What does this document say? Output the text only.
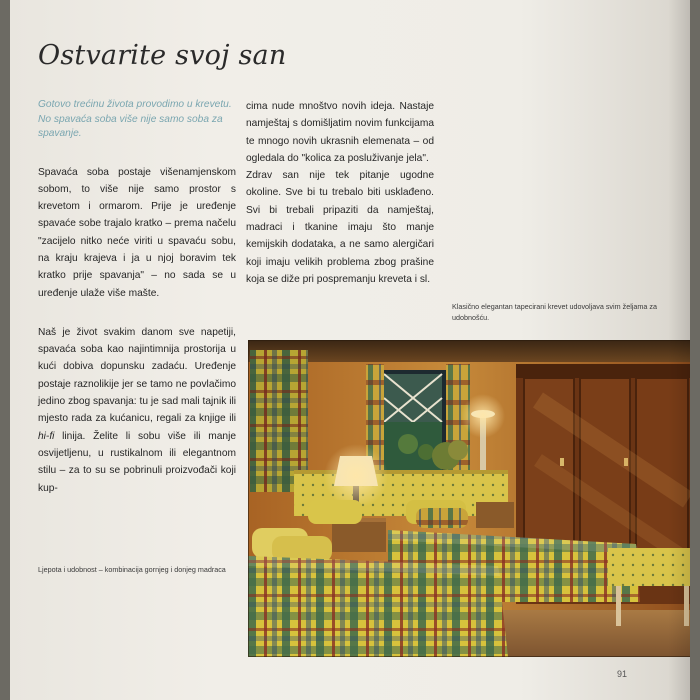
Ostvarite svoj san

Gotovo trećinu života provodimo u krevetu. No spavaća soba više nije samo soba za spavanje.

Spavaća soba postaje višenamjenskom sobom, to više nije samo prostor s krevetom i ormarom. Prije je uređenje spavaće sobe trajalo kratko – prema načelu "zacijelo nitko neće viriti u spavaću sobu, na kraju krajeva i ja u njoj boravim tek kratko prije spavanja" – no sada se u uređenje ulaže više mašte.

Naš je život svakim danom sve napetiji, spavaća soba kao najintimnija prostorija u kući dobiva dopunsku zadaću. Uređenje postaje raznolikije jer se tamo ne povlačimo jedino zbog spavanja: tu je sad mali tajnik ili mjesto rada za kućanicu, regali za knjige ili hi-fi linija. Želite li sobu više ili manje osvijetljenu, u rustikalnom ili elegantnom stilu – za to su se pobrinuli proizvođači koji kup-

cima nude mnoštvo novih ideja. Nastaje namještaj s domišljatim novim funkcijama te mnogo novih ukrasnih elemenata – od ogledala do "kolica za posluživanje jela".

Zdrav san nije tek pitanje ugodne okoline. Sve bi tu trebalo biti usklađeno. Svi bi trebali pripaziti da namještaj, madraci i tkanine imaju što manje kemijskih dodataka, a ne samo alergičari koji imaju velikih problema zbog prašine koja se diže pri pospremanju kreveta i sl.

Klasično elegantan tapecirani krevet udovoljava svim željama za udobnošću.

Ljepota i udobnost – kombinacija gornjeg i donjeg madraca

91
